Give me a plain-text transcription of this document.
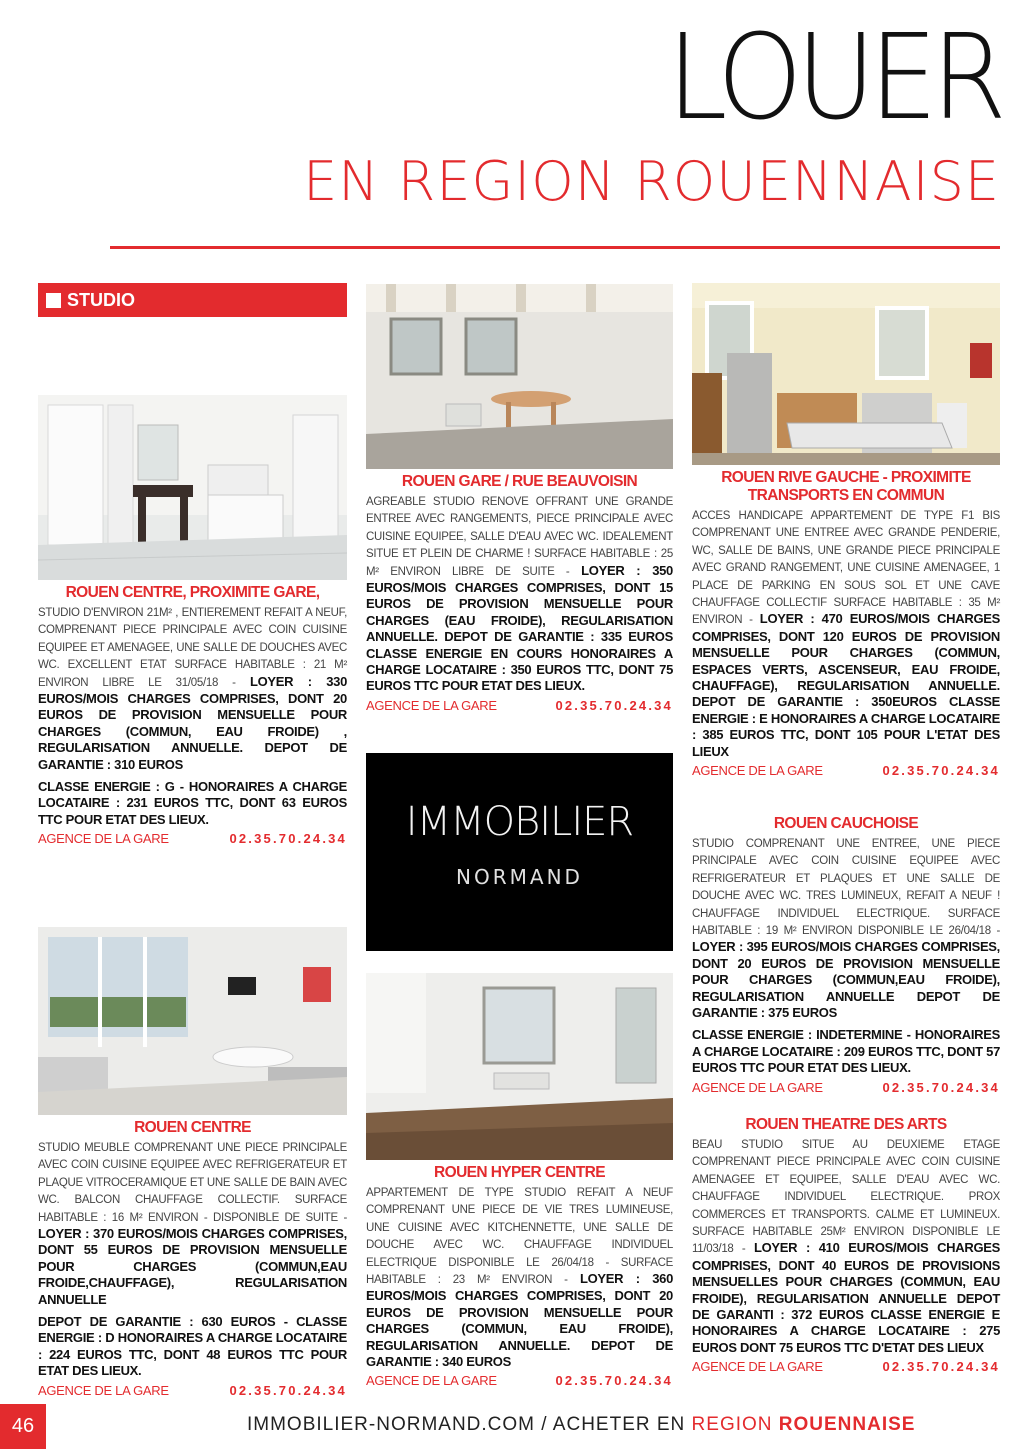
LOUER
EN REGION ROUENNAISE
STUDIO
ROUEN CENTRE, PROXIMITE GARE,

STUDIO D'ENVIRON 21M² , ENTIEREMENT REFAIT A NEUF, COMPRENANT PIECE PRINCIPALE AVEC COIN CUISINE EQUIPEE ET AMENAGEE, UNE SALLE DE DOUCHES AVEC WC. EXCELLENT ETAT SURFACE HABITABLE : 21 M² ENVIRON LIBRE LE 31/05/18 - LOYER : 330 EUROS/MOIS CHARGES COMPRISES, DONT 20 EUROS DE PROVISION MENSUELLE POUR CHARGES (COMMUN, EAU FROIDE) , REGULARISATION ANNUELLE. DEPOT DE GARANTIE : 310 EUROS

CLASSE ENERGIE : G - HONORAIRES A CHARGE LOCATAIRE : 231 EUROS TTC, DONT 63 EUROS TTC POUR ETAT DES LIEUX.

AGENCE DE LA GARE	02.35.70.24.34
ROUEN CENTRE

STUDIO MEUBLE COMPRENANT UNE PIECE PRINCIPALE AVEC COIN CUISINE EQUIPEE AVEC REFRIGERATEUR ET PLAQUE VITROCERAMIQUE ET UNE SALLE DE BAIN AVEC WC. BALCON CHAUFFAGE COLLECTIF. SURFACE HABITABLE : 16 M² ENVIRON - DISPONIBLE DE SUITE - LOYER : 370 EUROS/MOIS CHARGES COMPRISES, DONT 55 EUROS DE PROVISION MENSUELLE POUR CHARGES (COMMUN,EAU FROIDE,CHAUFFAGE), REGULARISATION ANNUELLE

DEPOT DE GARANTIE : 630 EUROS - CLASSE ENERGIE : D HONORAIRES A CHARGE LOCATAIRE : 224 EUROS TTC, DONT 48 EUROS TTC POUR ETAT DES LIEUX.

AGENCE DE LA GARE	02.35.70.24.34
ROUEN GARE / RUE BEAUVOISIN

AGREABLE STUDIO RENOVE OFFRANT UNE GRANDE ENTREE AVEC RANGEMENTS, PIECE PRINCIPALE AVEC CUISINE EQUIPEE, SALLE D'EAU AVEC WC. IDEALEMENT SITUE ET PLEIN DE CHARME ! SURFACE HABITABLE : 25 M² ENVIRON LIBRE DE SUITE - LOYER : 350 EUROS/MOIS CHARGES COMPRISES, DONT 15 EUROS DE PROVISION MENSUELLE POUR CHARGES (EAU FROIDE), REGULARISATION ANNUELLE. DEPOT DE GARANTIE : 335 EUROS CLASSE ENERGIE EN COURS HONORAIRES A CHARGE LOCATAIRE : 350 EUROS TTC, DONT 75 EUROS TTC POUR ETAT DES LIEUX.

AGENCE DE LA GARE	02.35.70.24.34
IMMOBILIER
NORMAND
ROUEN HYPER CENTRE

APPARTEMENT DE TYPE STUDIO REFAIT A NEUF COMPRENANT UNE PIECE DE VIE TRES LUMINEUSE, UNE CUISINE AVEC KITCHENNETTE, UNE SALLE DE DOUCHE AVEC WC. CHAUFFAGE INDIVIDUEL ELECTRIQUE DISPONIBLE LE 26/04/18 - SURFACE HABITABLE : 23 M² ENVIRON - LOYER : 360 EUROS/MOIS CHARGES COMPRISES, DONT 20 EUROS DE PROVISION MENSUELLE POUR CHARGES (COMMUN, EAU FROIDE), REGULARISATION ANNUELLE. DEPOT DE GARANTIE : 340 EUROS

AGENCE DE LA GARE	02.35.70.24.34
ROUEN RIVE GAUCHE - PROXIMITE TRANSPORTS EN COMMUN

ACCES HANDICAPE APPARTEMENT DE TYPE F1 BIS COMPRENANT UNE ENTREE AVEC GRANDE PENDERIE, WC, SALLE DE BAINS, UNE GRANDE PIECE PRINCIPALE AVEC GRAND RANGEMENT, UNE CUISINE AMENAGEE, 1 PLACE DE PARKING EN SOUS SOL ET UNE CAVE CHAUFFAGE COLLECTIF SURFACE HABITABLE : 35 M² ENVIRON - LOYER : 470 EUROS/MOIS CHARGES COMPRISES, DONT 120 EUROS DE PROVISION MENSUELLE POUR CHARGES (COMMUN, ESPACES VERTS, ASCENSEUR, EAU FROIDE, CHAUFFAGE), REGULARISATION ANNUELLE. DEPOT DE GARANTIE : 350EUROS CLASSE ENERGIE : E HONORAIRES A CHARGE LOCATAIRE : 385 EUROS TTC, DONT 105 POUR L'ETAT DES LIEUX

AGENCE DE LA GARE	02.35.70.24.34
ROUEN CAUCHOISE

STUDIO COMPRENANT UNE ENTREE, UNE PIECE PRINCIPALE AVEC COIN CUISINE EQUIPEE AVEC REFRIGERATEUR ET PLAQUES ET UNE SALLE DE DOUCHE AVEC WC. TRES LUMINEUX, REFAIT A NEUF ! CHAUFFAGE INDIVIDUEL ELECTRIQUE. SURFACE HABITABLE : 19 M² ENVIRON DISPONIBLE LE 26/04/18 - LOYER : 395 EUROS/MOIS CHARGES COMPRISES, DONT 20 EUROS DE PROVISION MENSUELLE POUR CHARGES (COMMUN,EAU FROIDE), REGULARISATION ANNUELLE DEPOT DE GARANTIE : 375 EUROS

CLASSE ENERGIE : INDETERMINE - HONORAIRES A CHARGE LOCATAIRE : 209 EUROS TTC, DONT 57 EUROS TTC POUR ETAT DES LIEUX.

AGENCE DE LA GARE	02.35.70.24.34
ROUEN THEATRE DES ARTS

BEAU STUDIO SITUE AU DEUXIEME ETAGE COMPRENANT PIECE PRINCIPALE AVEC COIN CUISINE AMENAGEE ET EQUIPEE, SALLE D'EAU AVEC WC. CHAUFFAGE INDIVIDUEL ELECTRIQUE. PROX COMMERCES ET TRANSPORTS. CALME ET LUMINEUX. SURFACE HABITABLE 25M² ENVIRON DISPONIBLE LE 11/03/18 - LOYER : 410 EUROS/MOIS CHARGES COMPRISES, DONT 40 EUROS DE PROVISIONS MENSUELLES POUR CHARGES (COMMUN, EAU FROIDE), REGULARISATION ANNUELLE DEPOT DE GARANTI : 372 EUROS CLASSE ENERGIE E HONORAIRES A CHARGE LOCATAIRE : 275 EUROS DONT 75 EUROS TTC D'ETAT DES LIEUX

AGENCE DE LA GARE	02.35.70.24.34
46	IMMOBILIER-NORMAND.COM / ACHETER EN REGION ROUENNAISE
